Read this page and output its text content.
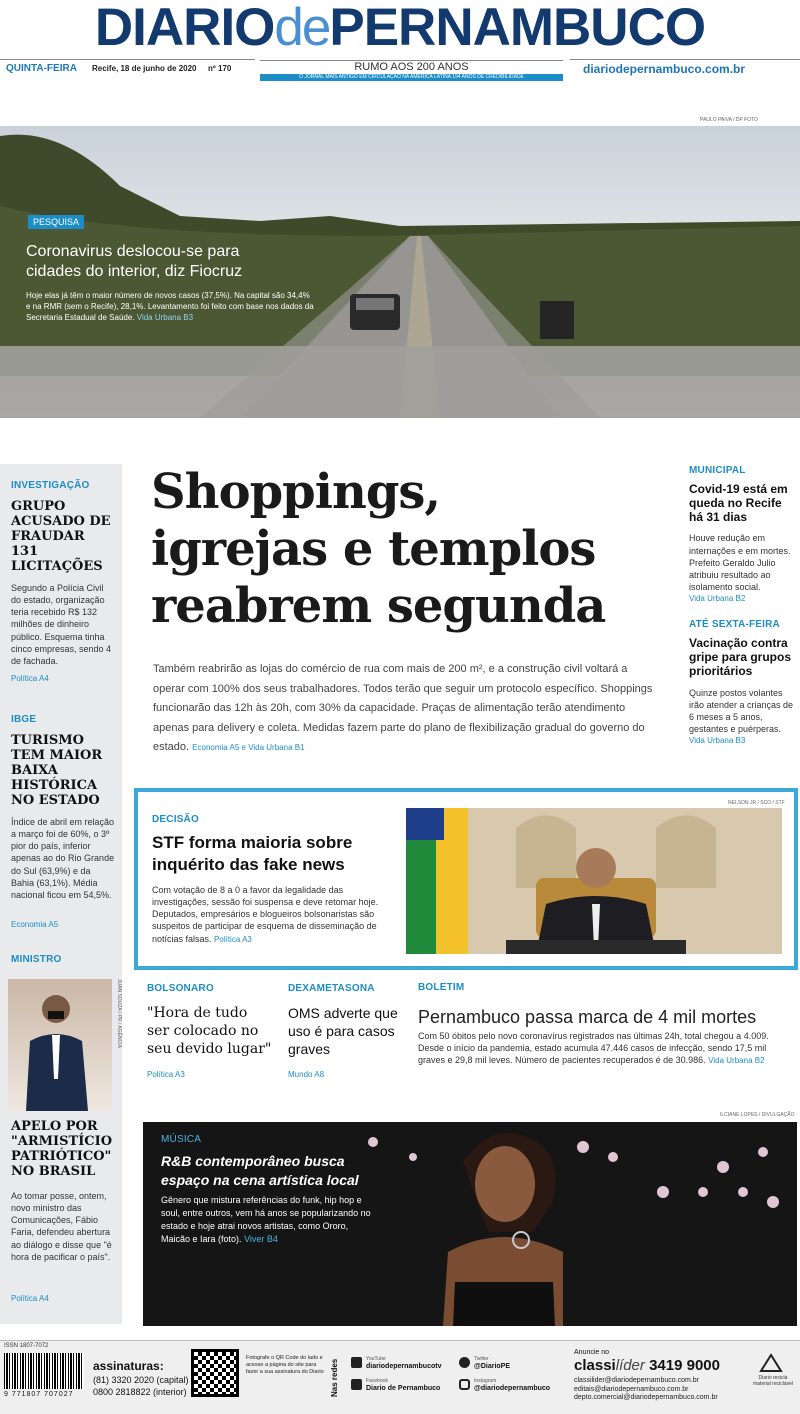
DIARIOdePERNAMBUCO
QUINTA-FEIRA Recife, 18 de junho de 2020 nº 170	RUMO AOS 200 ANOS
O JORNAL MAIS ANTIGO EM CIRCULAÇÃO NA AMÉRICA LATINA 194 ANOS DE CREDIBILIDADE
diariodepernambuco.com.br
PAULO PAIVA / DP FOTO
PESQUISA
Coronavirus deslocou-se para cidades do interior, diz Fiocruz
Hoje elas já têm o maior número de novos casos (37,5%). Na capital são 34,4% e na RMR (sem o Recife), 28,1%. Levantamento foi feito com base nos dados da Secretaria Estadual de Saúde. Vida Urbana B3
INVESTIGAÇÃO
GRUPO ACUSADO DE FRAUDAR 131 LICITAÇÕES
Segundo a Polícia Civil do estado, organização teria recebido R$ 132 milhões de dinheiro público. Esquema tinha cinco empresas, sendo 4 de fachada.
Política A4
IBGE
TURISMO TEM MAIOR BAIXA HISTÓRICA NO ESTADO
Índice de abril em relação a março foi de 60%, o 3º pior do país, inferior apenas ao do Rio Grande do Sul (63,9%) e da Bahia (63,1%). Média nacional ficou em 54,5%.
Economia A5
MINISTRO
JUAN SOUZA / PR / AGÊNCIA
APELO POR "ARMISTÍCIO PATRIÓTICO" NO BRASIL
Ao tomar posse, ontem, novo ministro das Comunicações, Fábio Faria, defendeu abertura ao diálogo e disse que "é hora de pacificar o país".
Política A4
Shoppings,
igrejas e templos
reabrem segunda
Também reabrirão as lojas do comércio de rua com mais de 200 m², e a construção civil voltará a operar com 100% dos seus trabalhadores. Todos terão que seguir um protocolo específico. Shoppings funcionarão das 12h às 20h, com 30% da capacidade. Praças de alimentação terão atendimento apenas para delivery e coleta. Medidas fazem parte do plano de flexibilização gradual do governo do estado. Economia A5 e Vida Urbana B1
MUNICIPAL
Covid-19 está em queda no Recife há 31 dias
Houve redução em internações e em mortes. Prefeito Geraldo Julio atribuiu resultado ao isolamento social.
Vida Urbana B2
ATÉ SEXTA-FEIRA
Vacinação contra gripe para grupos prioritários
Quinze postos volantes irão atender a crianças de 6 meses a 5 anos, gestantes e puérperas.
Vida Urbana B3
DECISÃO
STF forma maioria sobre inquérito das fake news
Com votação de 8 a 0 a favor da legalidade das investigações, sessão foi suspensa e deve retomar hoje. Deputados, empresários e blogueiros bolsonaristas são suspeitos de participar de esquema de disseminação de notícias falsas. Política A3
NELSON JR / SCO / STF
BOLSONARO
"Hora de tudo ser colocado no seu devido lugar"
Política A3
DEXAMETASONA
OMS adverte que uso é para casos graves
Mundo A8
BOLETIM
Pernambuco passa marca de 4 mil mortes
Com 50 óbitos pelo novo coronavírus registrados nas últimas 24h, total chegou a 4.009. Desde o início da pandemia, estado acumula 47.446 casos de infecção, sendo 17,5 mil graves e 29,8 mil leves. Número de pacientes recuperados é de 30.986. Vida Urbana B2
ILCIANE LOPES / DIVULGAÇÃO
MÚSICA
R&B contemporâneo busca espaço na cena artística local
Gênero que mistura referências do funk, hip hop e soul, entre outros, vem há anos se popularizando no estado e hoje atrai novos artistas, como Ororo, Maicão e Iara (foto). Viver B4
ISSN 1807-7072
9 771807 707027
assinaturas:
(81) 3320 2020 (capital)
0800 2818822 (interior)
Fotografe o QR Code do lado e acesse a página do site para fazer a sua assinatura do Diario Nas redes	YouTube
diariodepernambucotv
Facebook
Diario de Pernambuco
Twitter
@DiarioPE
Instagram
@diariodepernambuco
Anuncie no
classilíder 3419 9000
classilider@diariodepernambuco.com.br
editais@diariodepernambuco.com.br
depto.comercial@diariodepernambuco.com.br
Diario recicla material reciclável
